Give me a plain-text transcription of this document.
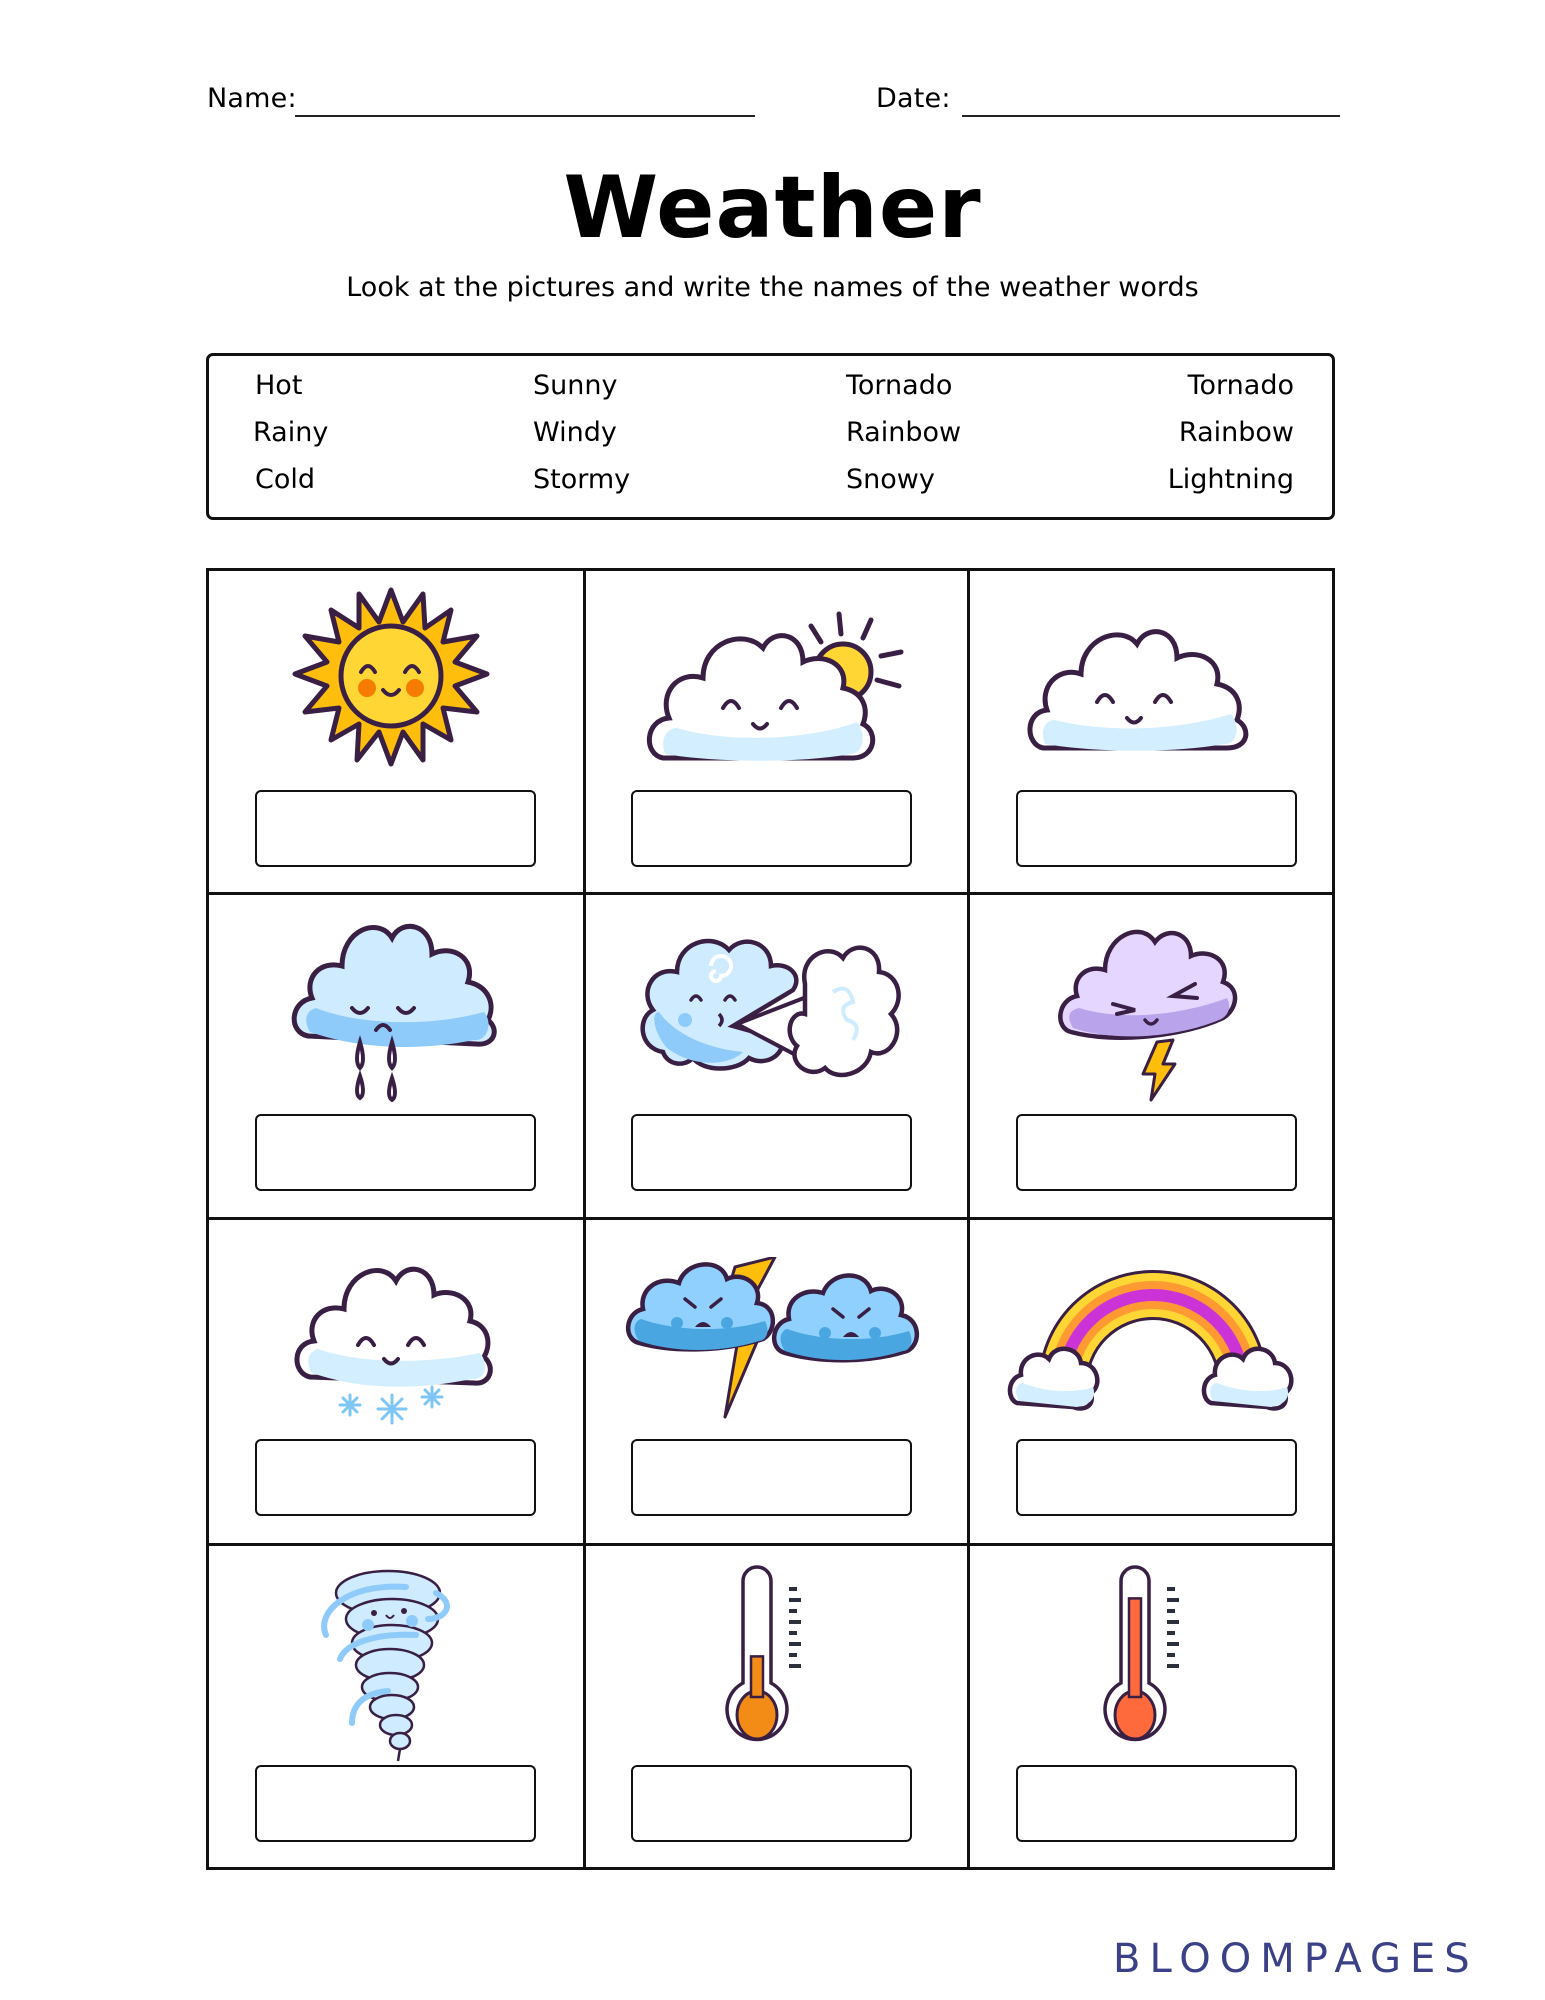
Name:	Date:
Weather
Look at the pictures and write the names of the weather words
Hot
Rainy
Cold
Sunny
Windy
Stormy
Tornado
Rainbow
Snowy
Tornado
Rainbow
Lightning
BLOOMPAGES
